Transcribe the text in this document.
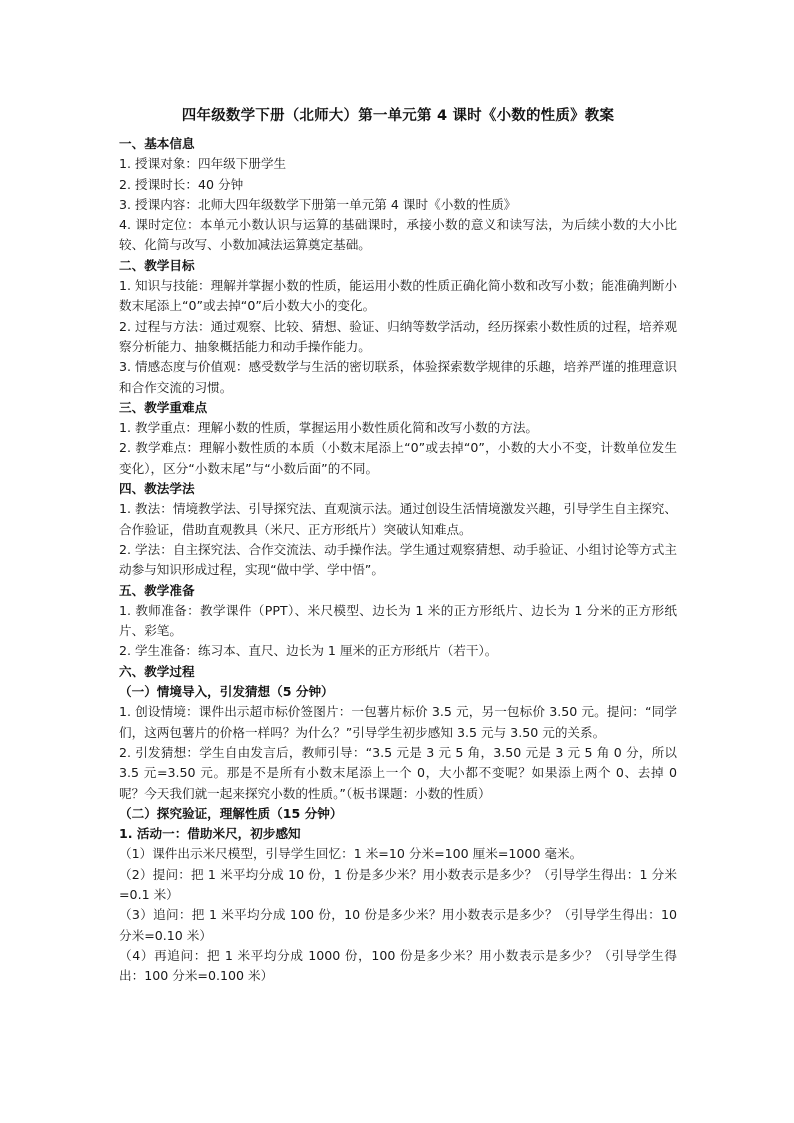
四年级数学下册（北师大）第一单元第 4 课时《小数的性质》教案
一、基本信息
1. 授课对象：四年级下册学生
2. 授课时长：40 分钟
3. 授课内容：北师大四年级数学下册第一单元第 4 课时《小数的性质》
4. 课时定位：本单元小数认识与运算的基础课时，承接小数的意义和读写法，为后续小数的大小比较、化简与改写、小数加减法运算奠定基础。
二、教学目标
1. 知识与技能：理解并掌握小数的性质，能运用小数的性质正确化简小数和改写小数；能准确判断小数末尾添上“0”或去掉“0”后小数大小的变化。
2. 过程与方法：通过观察、比较、猜想、验证、归纳等数学活动，经历探索小数性质的过程，培养观察分析能力、抽象概括能力和动手操作能力。
3. 情感态度与价值观：感受数学与生活的密切联系，体验探索数学规律的乐趣，培养严谨的推理意识和合作交流的习惯。
三、教学重难点
1. 教学重点：理解小数的性质，掌握运用小数性质化简和改写小数的方法。
2. 教学难点：理解小数性质的本质（小数末尾添上“0”或去掉“0”，小数的大小不变，计数单位发生变化），区分“小数末尾”与“小数后面”的不同。
四、教法学法
1. 教法：情境教学法、引导探究法、直观演示法。通过创设生活情境激发兴趣，引导学生自主探究、合作验证，借助直观教具（米尺、正方形纸片）突破认知难点。
2. 学法：自主探究法、合作交流法、动手操作法。学生通过观察猜想、动手验证、小组讨论等方式主动参与知识形成过程，实现“做中学、学中悟”。
五、教学准备
1. 教师准备：教学课件（PPT）、米尺模型、边长为 1 米的正方形纸片、边长为 1 分米的正方形纸片、彩笔。
2. 学生准备：练习本、直尺、边长为 1 厘米的正方形纸片（若干）。
六、教学过程
（一）情境导入，引发猜想（5 分钟）
1. 创设情境：课件出示超市标价签图片：一包薯片标价 3.5 元，另一包标价 3.50 元。提问：“同学们，这两包薯片的价格一样吗？为什么？”引导学生初步感知 3.5 元与 3.50 元的关系。
2. 引发猜想：学生自由发言后，教师引导：“3.5 元是 3 元 5 角，3.50 元是 3 元 5 角 0 分，所以 3.5 元=3.50 元。那是不是所有小数末尾添上一个 0，大小都不变呢？如果添上两个 0、去掉 0 呢？今天我们就一起来探究小数的性质。”（板书课题：小数的性质）
（二）探究验证，理解性质（15 分钟）
1. 活动一：借助米尺，初步感知
（1）课件出示米尺模型，引导学生回忆：1 米=10 分米=100 厘米=1000 毫米。
（2）提问：把 1 米平均分成 10 份，1 份是多少米？用小数表示是多少？（引导学生得出：1 分米=0.1 米）
（3）追问：把 1 米平均分成 100 份，10 份是多少米？用小数表示是多少？（引导学生得出：10 分米=0.10 米）
（4）再追问：把 1 米平均分成 1000 份，100 份是多少米？用小数表示是多少？（引导学生得出：100 分米=0.100 米）
